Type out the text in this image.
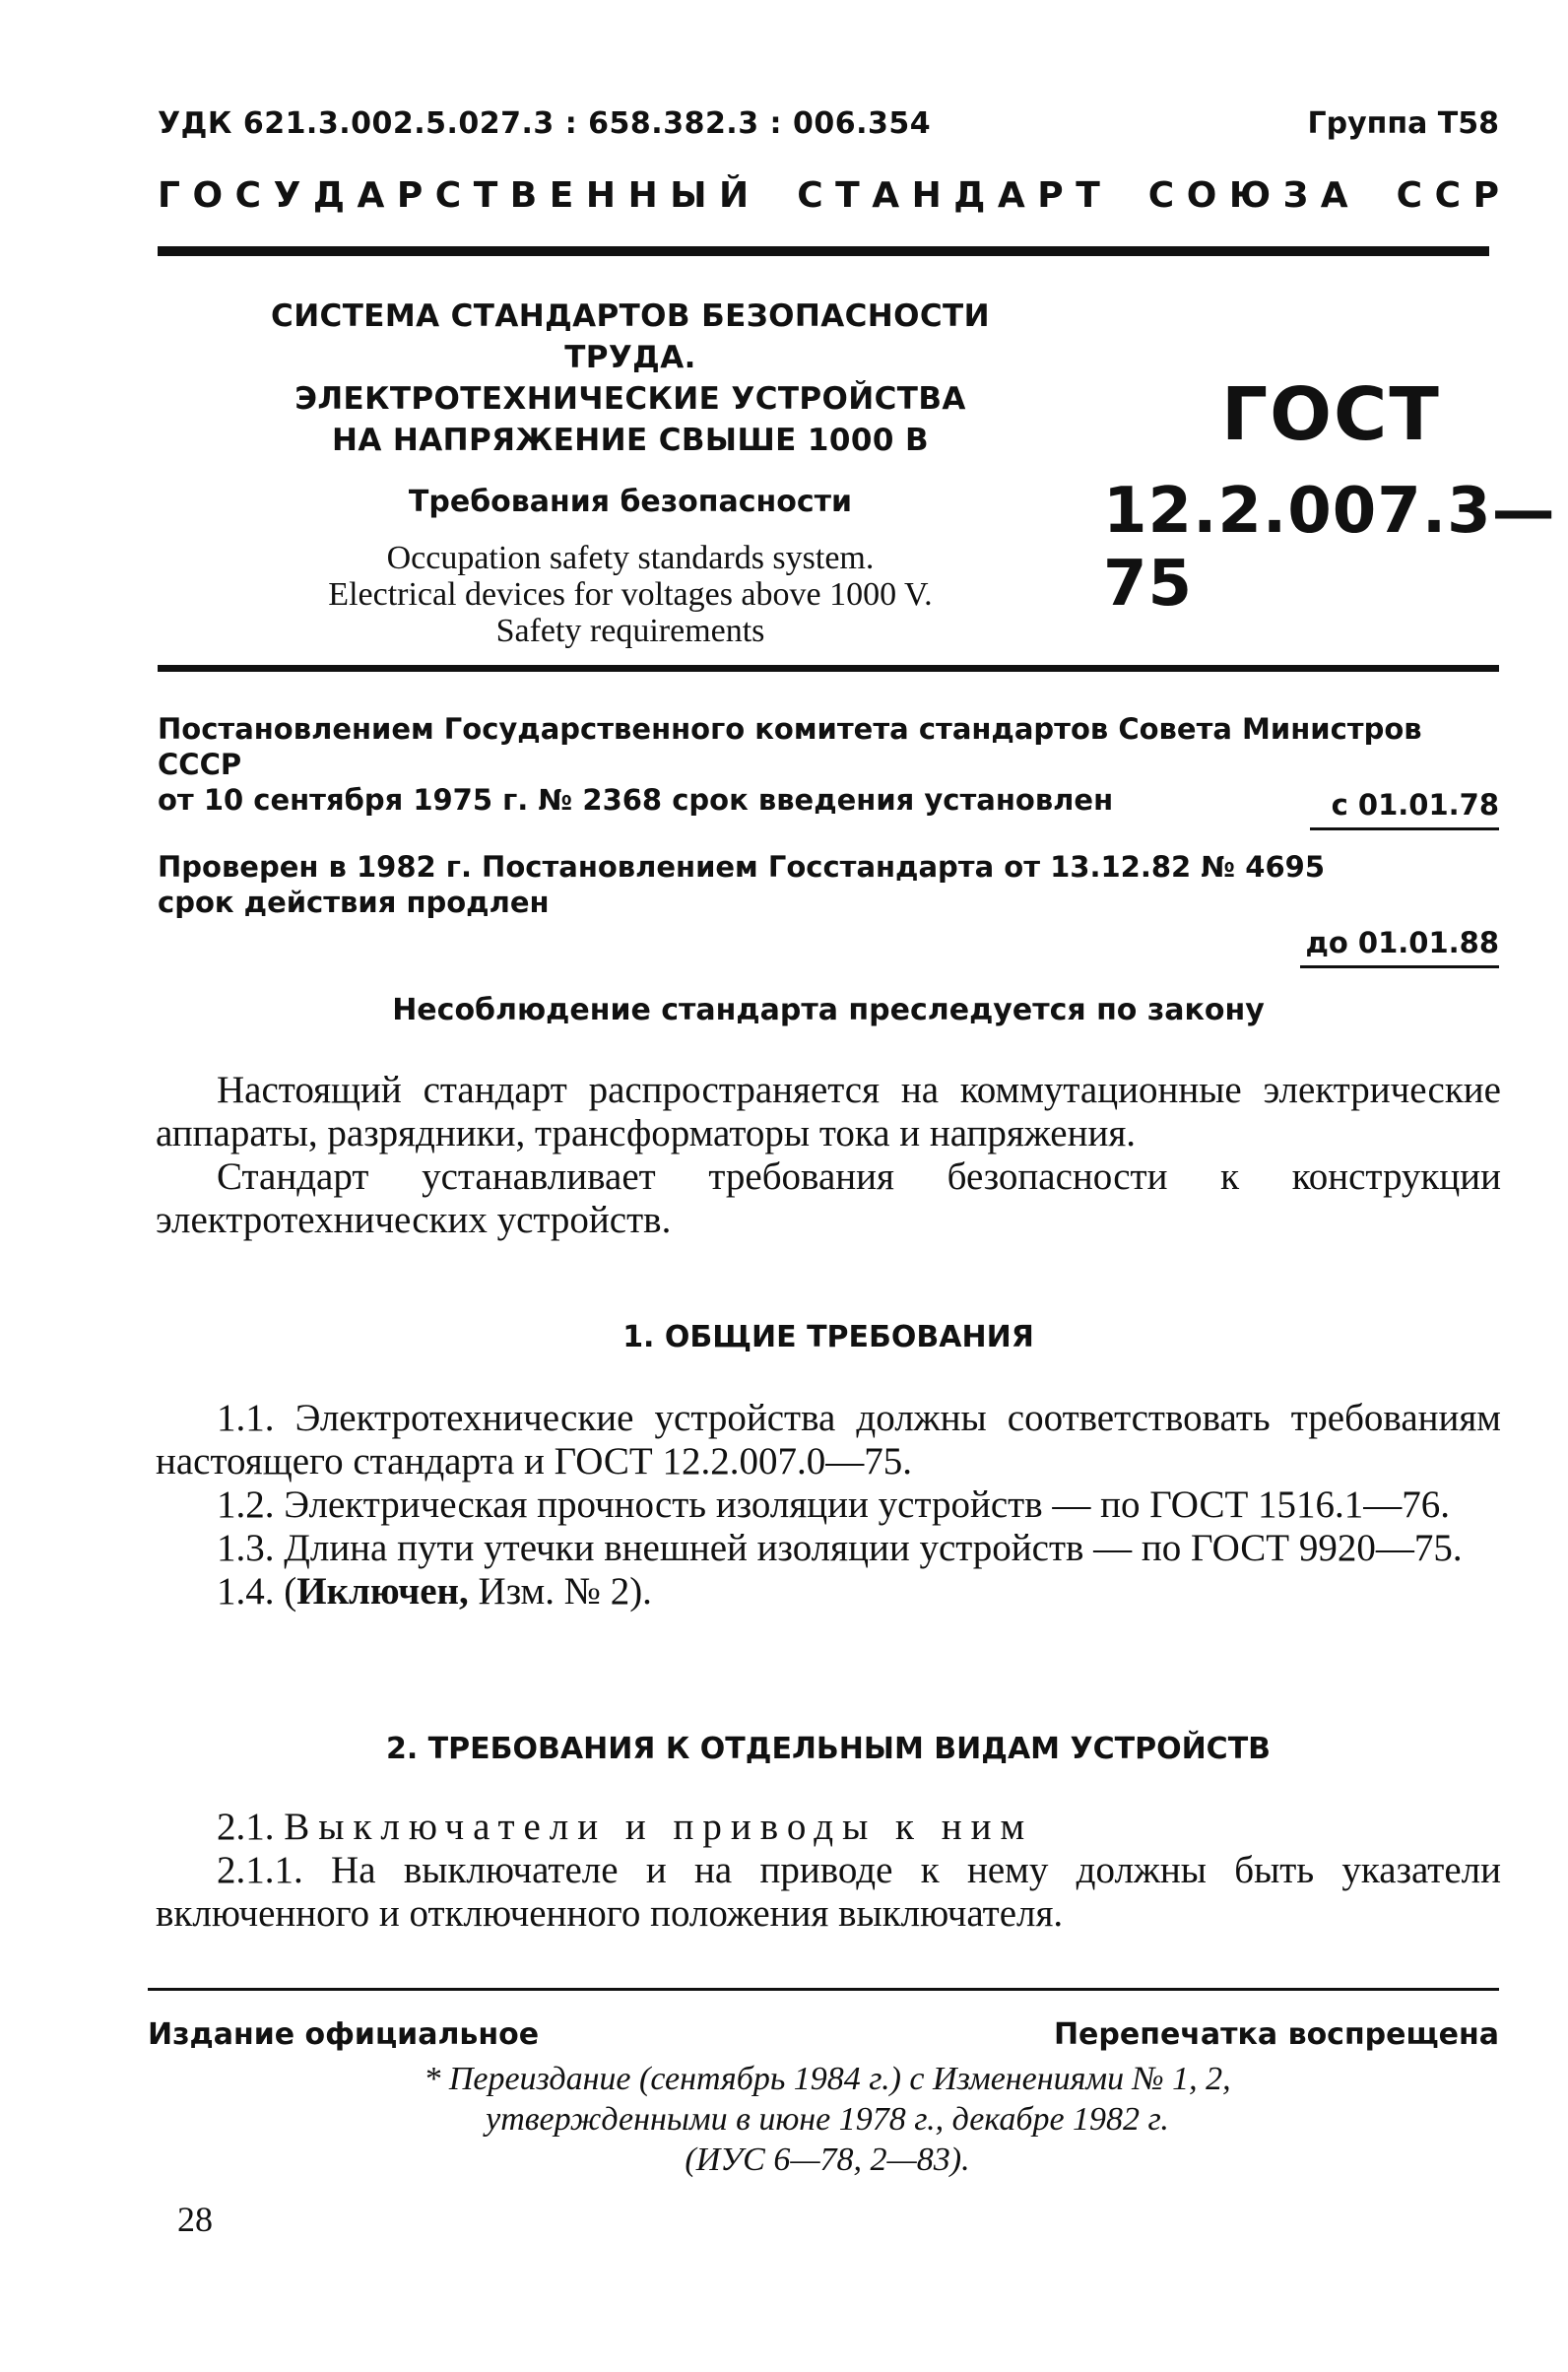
УДК 621.3.002.5.027.3 : 658.382.3 : 006.354	Группа Т58
Г О С У Д А Р С Т В Е Н Н Ы Й С Т А Н Д А Р Т С О Ю З А С С Р
СИСТЕМА СТАНДАРТОВ БЕЗОПАСНОСТИ ТРУДА.
ЭЛЕКТРОТЕХНИЧЕСКИЕ УСТРОЙСТВА
НА НАПРЯЖЕНИЕ СВЫШЕ 1000 В
Требования безопасности
Occupation safety standards system.
Electrical devices for voltages above 1000 V.
Safety requirements
ГОСТ
12.2.007.3—75
Постановлением Государственного комитета стандартов Совета Министров СССР
от 10 сентября 1975 г. № 2368 срок введения установлен	с 01.01.78
Проверен в 1982 г. Постановлением Госстандарта от 13.12.82 № 4695
срок действия продлен
до 01.01.88
Несоблюдение стандарта преследуется по закону

Настоящий стандарт распространяется на коммутационные электрические аппараты, разрядники, трансформаторы тока и напряжения.

Стандарт устанавливает требования безопасности к конструкции электротехнических устройств.

1. ОБЩИЕ ТРЕБОВАНИЯ

1.1. Электротехнические устройства должны соответствовать требованиям настоящего стандарта и ГОСТ 12.2.007.0—75.

1.2. Электрическая прочность изоляции устройств — по ГОСТ 1516.1—76.

1.3. Длина пути утечки внешней изоляции устройств — по ГОСТ 9920—75.

1.4. (Иключен, Изм. № 2).

2. ТРЕБОВАНИЯ К ОТДЕЛЬНЫМ ВИДАМ УСТРОЙСТВ

2.1. Выключатели и приводы к ним

2.1.1. На выключателе и на приводе к нему должны быть указатели включенного и отключенного положения выключателя.

Издание официальное	Перепечатка воспрещена
* Переиздание (сентябрь 1984 г.) с Изменениями № 1, 2,
утвержденными в июне 1978 г., декабре 1982 г.
(ИУС 6—78, 2—83).
28
